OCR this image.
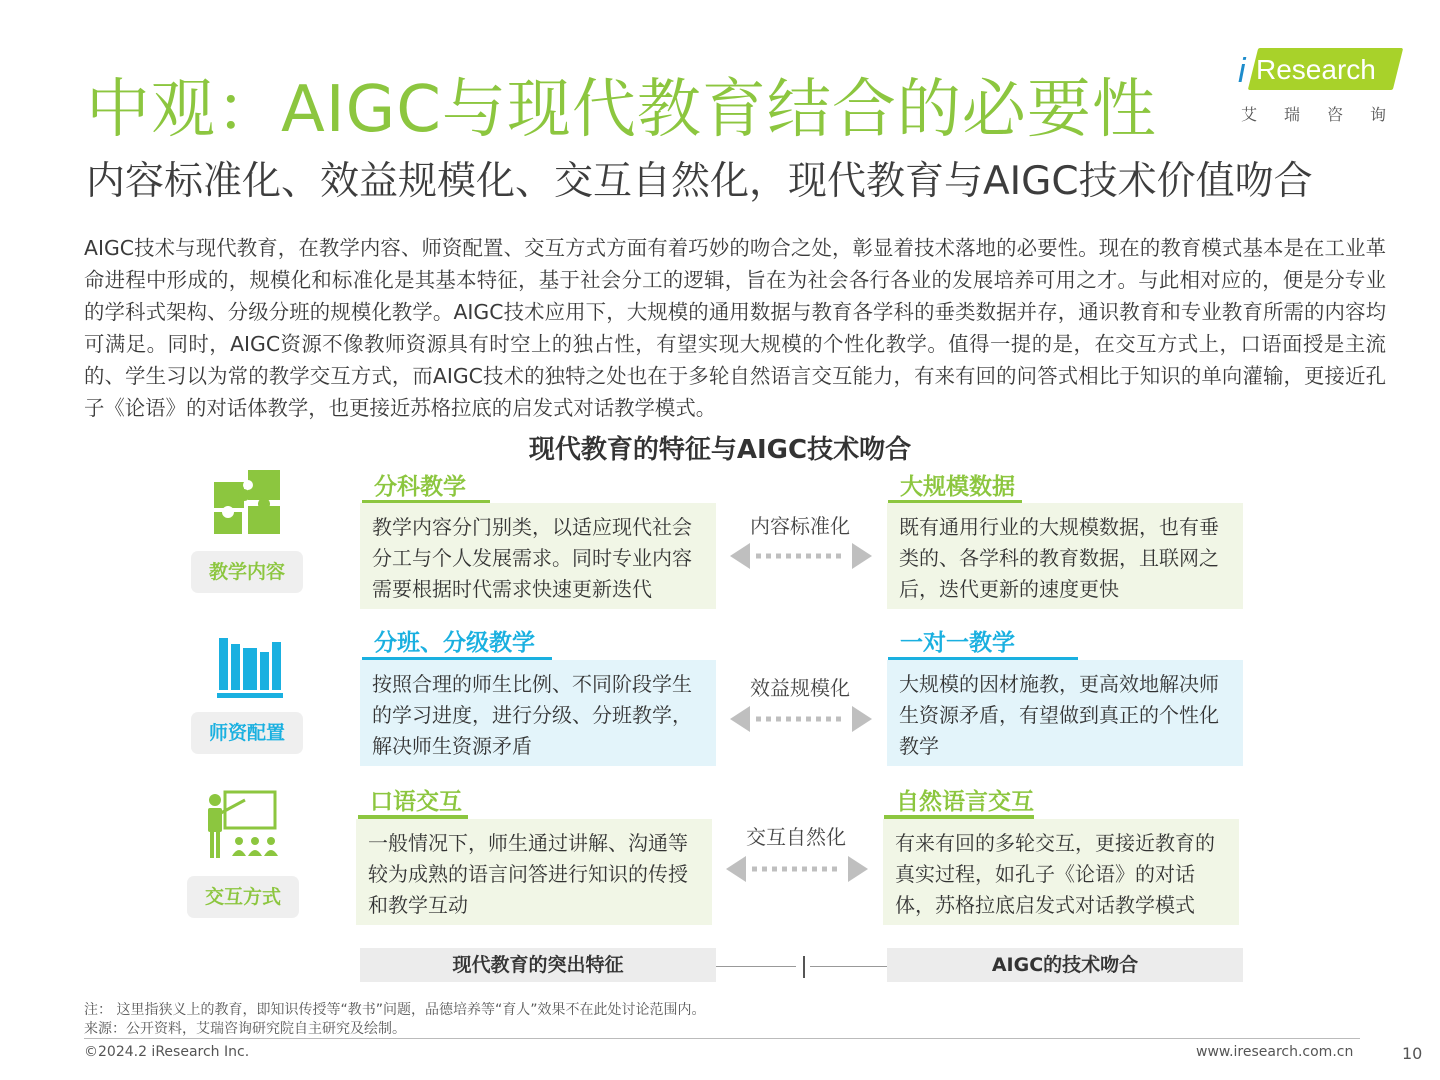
中观：AIGC与现代教育结合的必要性
内容标准化、效益规模化、交互自然化，现代教育与AIGC技术价值吻合
i Research
艾瑞咨询
AIGC技术与现代教育，在教学内容、师资配置、交互方式方面有着巧妙的吻合之处，彰显着技术落地的必要性。现在的教育模式基本是在工业革命进程中形成的，规模化和标准化是其基本特征，基于社会分工的逻辑，旨在为社会各行各业的发展培养可用之才。与此相对应的，便是分专业的学科式架构、分级分班的规模化教学。AIGC技术应用下，大规模的通用数据与教育各学科的垂类数据并存，通识教育和专业教育所需的内容均可满足。同时，AIGC资源不像教师资源具有时空上的独占性，有望实现大规模的个性化教学。值得一提的是，在交互方式上，口语面授是主流的、学生习以为常的教学交互方式，而AIGC技术的独特之处也在于多轮自然语言交互能力，有来有回的问答式相比于知识的单向灌输，更接近孔子《论语》的对话体教学，也更接近苏格拉底的启发式对话教学模式。
现代教育的特征与AIGC技术吻合
教学内容
分科教学
教学内容分门别类，以适应现代社会分工与个人发展需求。同时专业内容需要根据时代需求快速更新迭代
内容标准化
大规模数据
既有通用行业的大规模数据，也有垂类的、各学科的教育数据，且联网之后，迭代更新的速度更快
师资配置
分班、分级教学
按照合理的师生比例、不同阶段学生的学习进度，进行分级、分班教学，解决师生资源矛盾
效益规模化
一对一教学
大规模的因材施教，更高效地解决师生资源矛盾，有望做到真正的个性化教学
交互方式
口语交互
一般情况下，师生通过讲解、沟通等较为成熟的语言问答进行知识的传授和教学互动
交互自然化
自然语言交互
有来有回的多轮交互，更接近教育的真实过程，如孔子《论语》的对话体，苏格拉底启发式对话教学模式
现代教育的突出特征	AIGC的技术吻合
注： 这里指狭义上的教育，即知识传授等“教书”问题，品德培养等“育人”效果不在此处讨论范围内。
来源：公开资料，艾瑞咨询研究院自主研究及绘制。
©2024.2 iResearch Inc.	www.iresearch.com.cn	10
